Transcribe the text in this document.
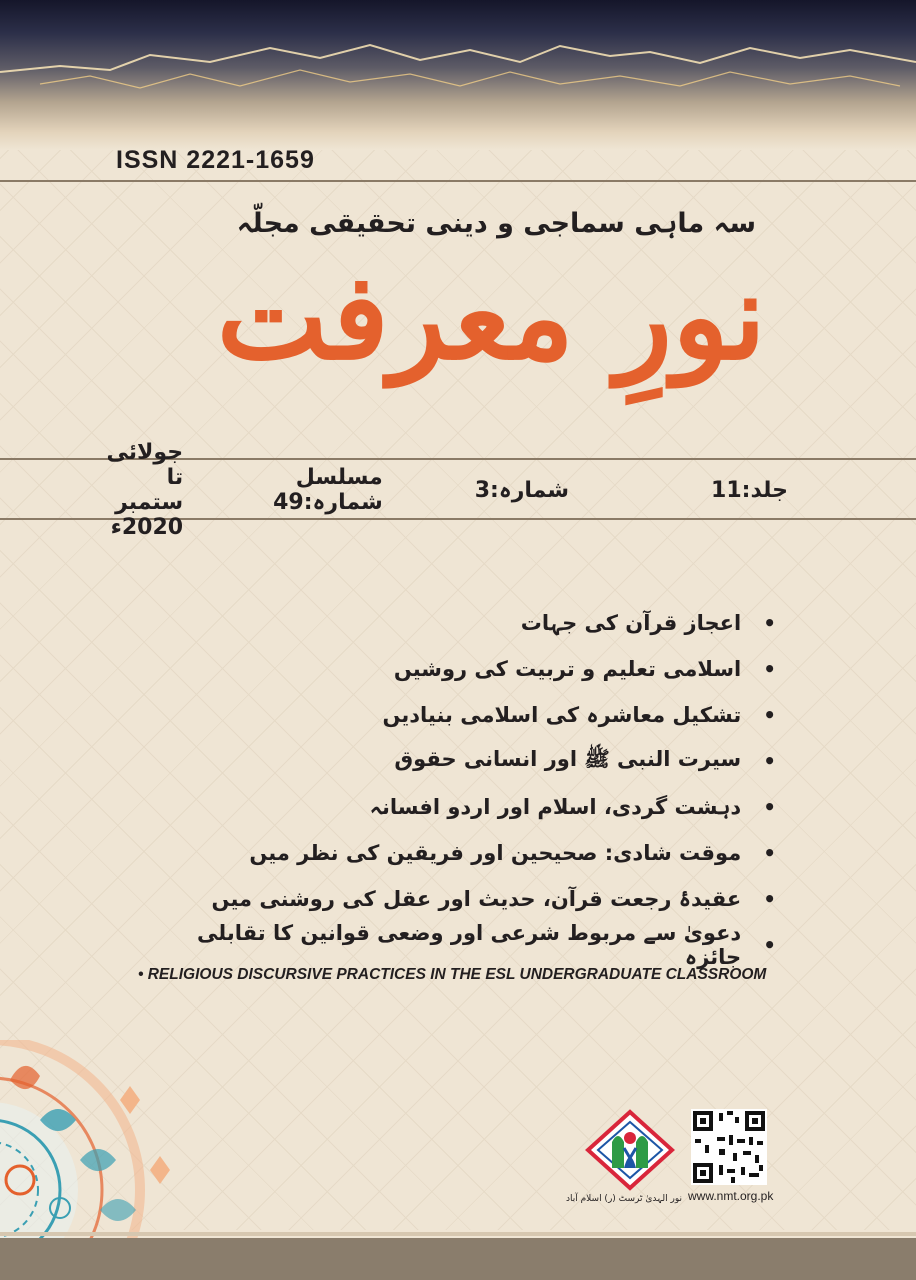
ISSN 2221-1659
سہ ماہی سماجی و دینی تحقیقی مجلّہ
نورِ معرفت
جلد:11
شمارہ:3
مسلسل شمارہ:49
جولائی تا ستمبر 2020ء
•
اعجاز قرآن کی جہات
•
اسلامی تعلیم و تربیت کی روشیں
•
تشکیل معاشرہ کی اسلامی بنیادیں
•
سیرت النبی ﷺ اور انسانی حقوق
•
دہشت گردی، اسلام اور اردو افسانہ
•
موقت شادی: صحیحین اور فریقین کی نظر میں
•
عقیدۂ رجعت قرآن، حدیث اور عقل کی روشنی میں
•
دعویٰ سے مربوط شرعی اور وضعی قوانین کا تقابلی جائزہ
• RELIGIOUS DISCURSIVE PRACTICES IN THE ESL UNDERGRADUATE CLASSROOM
نور الہدیٰ ٹرسٹ (ر) اسلام آباد www.nmt.org.pk
